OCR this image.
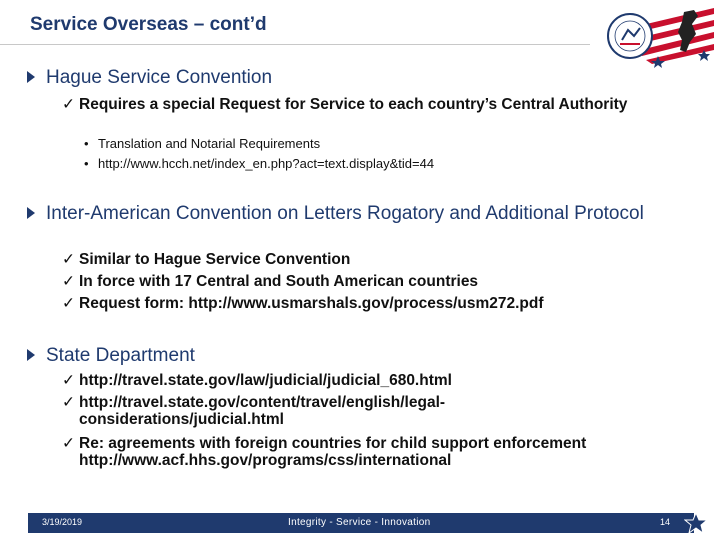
Service Overseas – cont’d
Hague Service Convention
✓ Requires a special Request for Service to each country’s Central Authority
• Translation and Notarial Requirements
• http://www.hcch.net/index_en.php?act=text.display&tid=44
Inter-American Convention on Letters Rogatory and Additional Protocol
✓ Similar to Hague Service Convention
✓ In force with 17 Central and South American countries
✓ Request form: http://www.usmarshals.gov/process/usm272.pdf
State Department
✓ http://travel.state.gov/law/judicial/judicial_680.html
✓ http://travel.state.gov/content/travel/english/legal-considerations/judicial.html
✓ Re: agreements with foreign countries for child support enforcement http://www.acf.hhs.gov/programs/css/international
3/19/2019	Integrity - Service - Innovation	14
